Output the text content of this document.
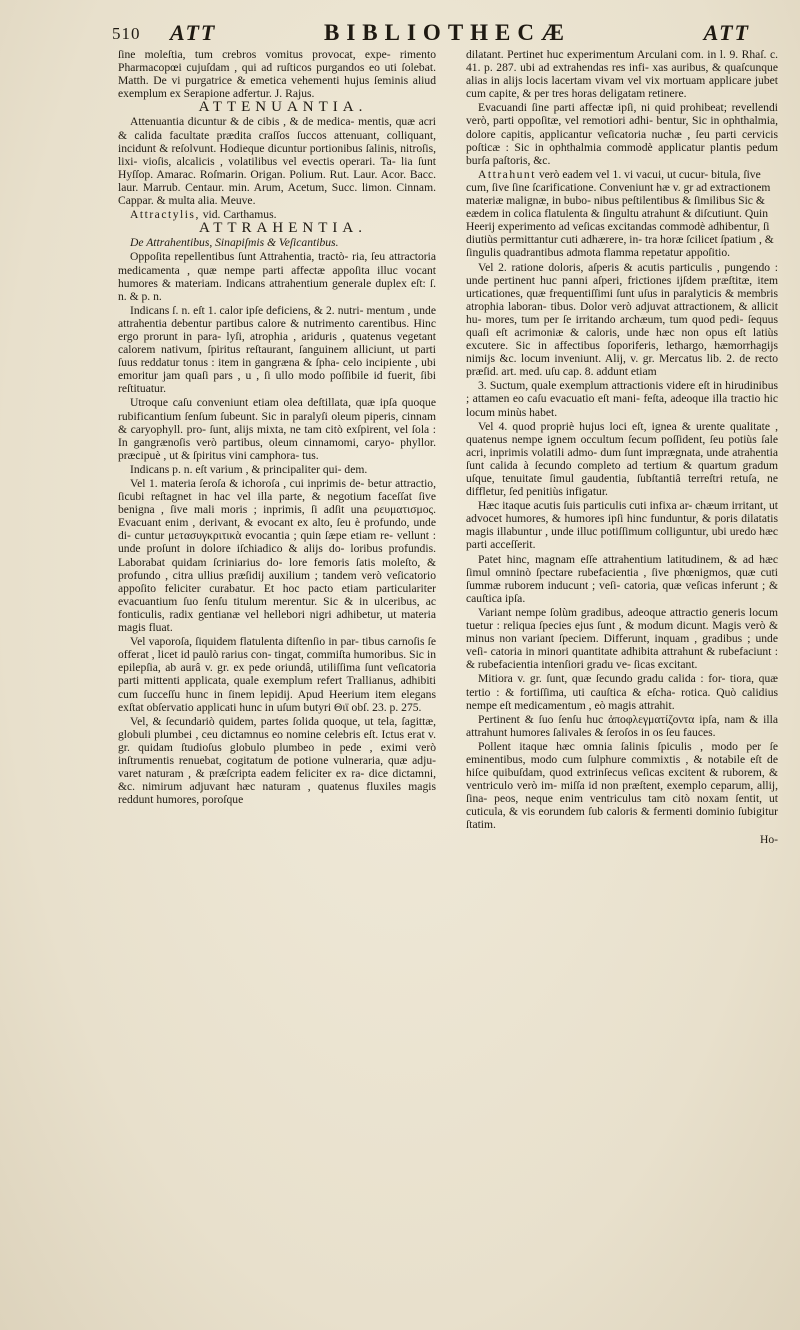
510 ATT	BIBLIOTHECÆ	ATT

ſine moleſtia, tum crebros vomitus provocat, expe- rimento Pharmacopœi cujuſdam , qui ad ruſticos purgandos eo uti ſolebat. Matth. De vi purgatrice & emetica vehementi hujus ſeminis aliud exemplum ex Serapione adfertur. J. Rajus.

ATTENUANTIA.

Attenuantia dicuntur & de cibis , & de medica- mentis, quæ acri & calida facultate prædita craſſos ſuccos attenuant, colliquant, incidunt & reſolvunt. Hodieque dicuntur portionibus ſalinis, nitroſis, lixi- vioſis, alcalicis , volatilibus vel evectis operari. Ta- lia ſunt Hyſſop. Amarac. Roſmarin. Origan. Polium. Rut. Laur. Acor. Bacc. laur. Marrub. Centaur. min. Arum, Acetum, Succ. limon. Cinnam. Cappar. & multa alia. Meuve.

Attractylis, vid. Carthamus.

ATTRAHENTIA.

De Attrahentibus, Sinapiſmis & Veſicantibus.

Oppoſita repellentibus ſunt Attrahentia, tractò- ria, ſeu attractoria medicamenta , quæ nempe parti affectæ appoſita illuc vocant humores & materiam. Indicans attrahentium generale duplex eſt: ſ. n. & p. n.

Indicans ſ. n. eſt 1. calor ipſe deficiens, & 2. nutri- mentum , unde attrahentia debentur partibus calore & nutrimento carentibus. Hinc ergo prorunt in para- lyſi, atrophia , ariduris , quatenus vegetant calorem nativum, ſpiritus reſtaurant, ſanguinem alliciunt, ut parti ſuus reddatur tonus : item in gangræna & ſpha- celo incipiente , ubi emoritur jam quaſi pars , u , ſi ullo modo poſſibile id fuerit, ſibi reſtituatur.

Utroque caſu conveniunt etiam olea deſtillata, quæ ipſa quoque rubificantium ſenſum ſubeunt. Sic in paralyſi oleum piperis, cinnam & caryophyll. pro- ſunt, alijs mixta, ne tam citò exſpirent, vel ſola : In gangrænoſis verò partibus, oleum cinnamomi, caryo- phyllor. præcipuè , ut & ſpiritus vini camphora- tus.

Indicans p. n. eſt varium , & principaliter qui- dem.

Vel 1. materia ſeroſa & ichoroſa , cui inprimis de- betur attractio, ſicubi reſtagnet in hac vel illa parte, & negotium faceſſat ſive benigna , ſive mali moris ; inprimis, ſi adſit una ρευματισμος. Evacuant enim , derivant, & evocant ex alto, ſeu è profundo, unde di- cuntur μετασυγκριτικὰ evocantia ; quin ſæpe etiam re- vellunt : unde proſunt in dolore iſchiadico & alijs do- loribus profundis. Laborabat quidam ſcriniarius do- lore femoris ſatis moleſto, & profundo , citra ullius præſidij auxilium ; tandem verò veſicatorio appoſito feliciter curabatur. Et hoc pacto etiam particulariter evacuantium ſuo ſenſu titulum merentur. Sic & in ulceribus, ac fonticulis, radix gentianæ vel hellebori nigri adhibetur, ut materia magis fluat.

Vel vaporoſa, ſiquidem flatulenta diſtenſio in par- tibus carnoſis ſe offerat , licet id paulò rarius con- tingat, commiſta humoribus. Sic in epilepſia, ab aurâ v. gr. ex pede oriundâ, utiliſſima ſunt veſicatoria parti mittenti applicata, quale exemplum refert Trallianus, adhibiti cum ſucceſſu hunc in ſinem lepidij. Apud Heerium item elegans exſtat obſervatio applicati hunc in uſum butyri Θιϊ obſ. 23. p. 275.

Vel, & ſecundariò quidem, partes ſolida quoque, ut tela, ſagittæ, globuli plumbei , ceu dictamnus eo nomine celebris eſt. Ictus erat v. gr. quidam ſtudioſus globulo plumbeo in pede , eximi verò inſtrumentis renuebat, cogitatum de potione vulneraria, quæ adju- varet naturam , & præſcripta eadem feliciter ex ra- dice dictamni, &c. nimirum adjuvant hæc naturam , quatenus fluxiles magis reddunt humores, poroſque

dilatant. Pertinet huc experimentum Arculani com. in l. 9. Rhaſ. c. 41. p. 287. ubi ad extrahendas res infi- xas auribus, & quaſcunque alias in alijs locis lacertam vivam vel vix mortuam applicare jubet cum capite, & per tres horas deligatam retinere.

Evacuandi ſine parti affectæ ipſi, ni quid prohibeat; revellendi verò, parti oppoſitæ, vel remotiori adhi- bentur, Sic in ophthalmia, dolore capitis, applicantur veſicatoria nuchæ , ſeu parti cervicis poſticæ : Sic in ophthalmia commodè applicatur plantis pedum burſa paſtoris, &c.

Attrahunt verò eadem vel 1. vi vacui, ut cucur- bitula, ſive cum, ſive ſine ſcarificatione. Conveniunt hæ v. gr ad extractionem materiæ malignæ, in bubo- nibus peſtilentibus & ſimilibus Sic & eædem in colica flatulenta & ſingultu atrahunt & diſcutiunt. Quin Heerij experimento ad veſicas excitandas commodè adhibentur, ſi diutiùs permittantur cuti adhærere, in- tra horæ ſcilicet ſpatium , & ſingulis quadrantibus admota flamma repetatur appoſitio.

Vel 2. ratione doloris, aſperis & acutis particulis , pungendo : unde pertinent huc panni aſperi, frictiones ijſdem præſtitæ, item urticationes, quæ frequentiſſimi ſunt uſus in paralyticis & membris atrophia laboran- tibus. Dolor verò adjuvat attractionem, & allicit hu- mores, tum per ſe irritando archæum, tum quod pedi- ſequus quaſi eſt acrimoniæ & caloris, unde hæc non opus eſt latiùs excutere. Sic in affectibus ſoporiferis, lethargo, hæmorrhagijs nimijs &c. locum inveniunt. Alij, v. gr. Mercatus lib. 2. de recto præſid. art. med. uſu cap. 8. addunt etiam

3. Suctum, quale exemplum attractionis videre eſt in hirudinibus ; attamen eo caſu evacuatio eſt mani- feſta, adeoque illa tractio hic locum minùs habet.

Vel 4. quod propriè hujus loci eſt, ignea & urente qualitate , quatenus nempe ignem occultum ſecum poſſident, ſeu potiùs ſale acri, inprimis volatili admo- dum ſunt imprægnata, unde atrahentia ſunt calida à ſecundo completo ad tertium & quartum gradum uſque, tenuitate ſimul gaudentia, ſubſtantiâ terreſtri retuſa, ne diffletur, ſed penitiùs infigatur.

Hæc itaque acutis ſuis particulis cuti infixa ar- chæum irritant, ut advocet humores, & humores ipſi hinc funduntur, & poris dilatatis magis illabuntur , unde illuc potiſſimum colliguntur, ubi uredo hæc parti acceſſerit.

Patet hinc, magnam eſſe attrahentium latitudinem, & ad hæc ſimul omninò ſpectare rubefacientia , ſive phœnigmos, quæ cuti ſummæ ruborem inducunt ; veſi- catoria, quæ veſicas inferunt ; & cauſtica ipſa.

Variant nempe ſolùm gradibus, adeoque attractio generis locum tuetur : reliqua ſpecies ejus ſunt , & modum dicunt. Magis verò & minus non variant ſpeciem. Differunt, inquam , gradibus ; unde veſi- catoria in minori quantitate adhibita attrahunt & rubefaciunt : & rubefacientia intenſiori gradu ve- ſicas excitant.

Mitiora v. gr. ſunt, quæ ſecundo gradu calida : for- tiora, quæ tertio : & fortiſſima, uti cauſtica & eſcha- rotica. Quò calidius nempe eſt medicamentum , eò magis attrahit.

Pertinent & ſuo ſenſu huc ἀποφλεγματίζοντα ipſa, nam & illa attrahunt humores ſalivales & ſeroſos in os ſeu fauces.

Pollent itaque hæc omnia ſalinis ſpiculis , modo per ſe eminentibus, modo cum ſulphure commixtis , & notabile eſt de hiſce quibuſdam, quod extrinſecus veſicas excitent & ruborem, & ventriculo verò im- miſſa id non præſtent, exemplo ceparum, allij, ſina- peos, neque enim ventriculus tam citò noxam ſentit, ut cuticula, & vis eorundem ſub caloris & fermenti dominio ſubigitur ſtatim.

Ho-
